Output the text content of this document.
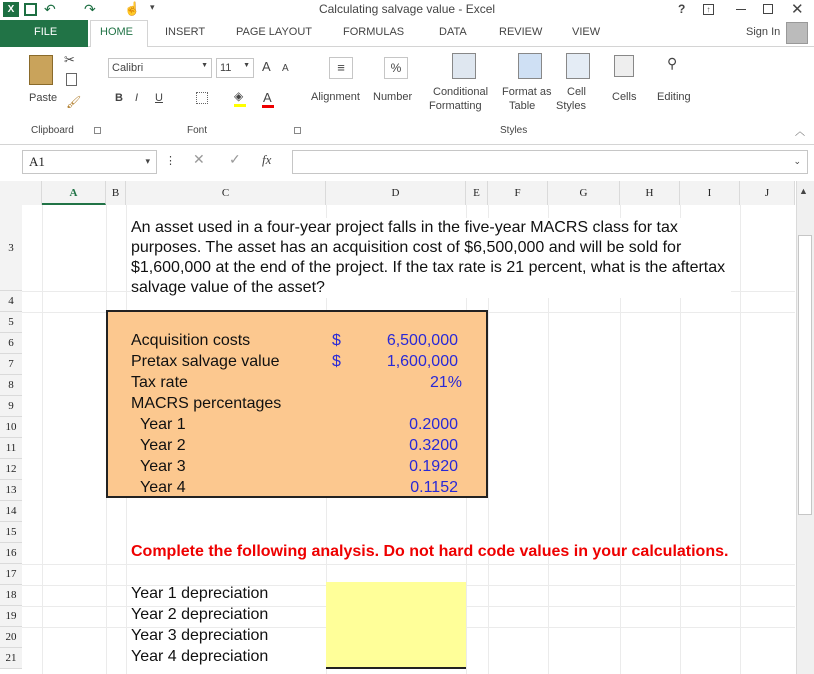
X	↶ ↷ ☝ ▾	Calculating salvage value - Excel	?	↑	✕
FILE	HOME	INSERT	PAGE LAYOUT	FORMULAS	DATA	REVIEW	VIEW	Sign In
Paste
✂
🖌
Clipboard
Calibri	▼ 11 ▼ A A
B I U	◈ A
Font
≡
Alignment
%
Number Conditional
Formatting
Format as
Table
Cell
Styles
Styles
Cells
⚲
Editing
︿
A1	▾ ⋮ ✕ ✓ fx	⌄
A	B	C	D	E	F	G	H	I	J
3
4
5
6
7
8
9
10
11
12
13
14
15
16
17
18
19
20
21
An asset used in a four-year project falls in the five-year MACRS class for tax purposes. The asset has an acquisition cost of $6,500,000 and will be sold for $1,600,000 at the end of the project. If the tax rate is 21 percent, what is the aftertax salvage value of the asset?
Acquisition costs	$	6,500,000
Pretax salvage value	$	1,600,000
Tax rate	21%
MACRS percentages
Year 1	0.2000
Year 2	0.3200
Year 3	0.1920
Year 4	0.1152
Complete the following analysis. Do not hard code values in your calculations.
Year 1 depreciation
Year 2 depreciation
Year 3 depreciation
Year 4 depreciation
▲
